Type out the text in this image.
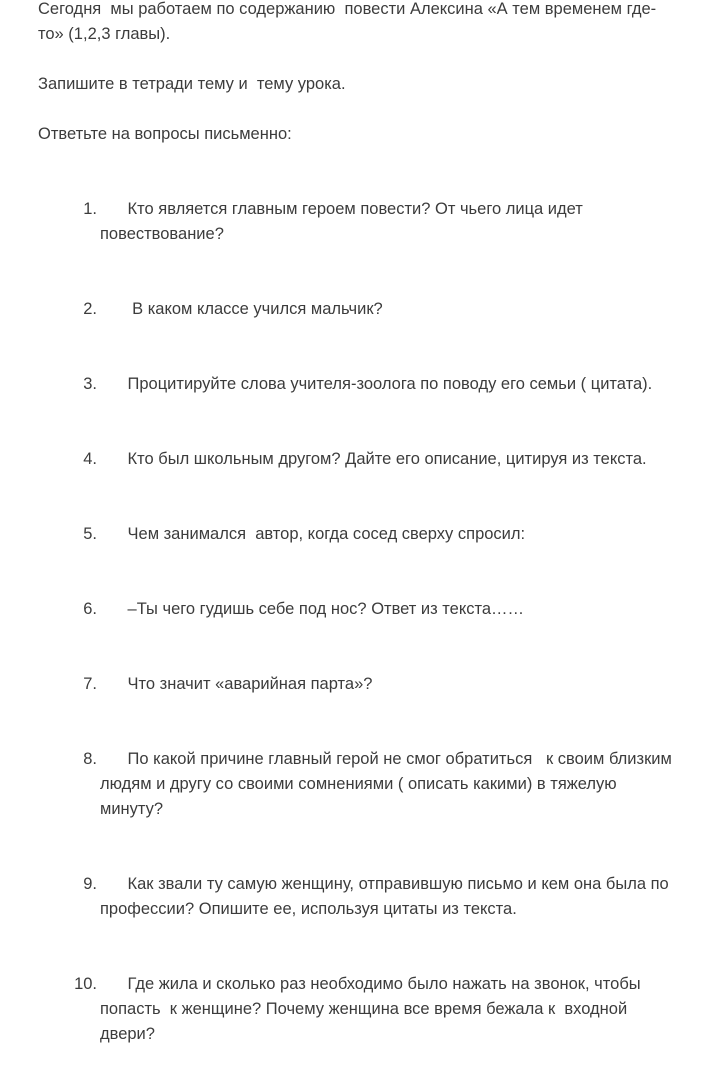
Сегодня  мы работаем по содержанию  повести Алексина «А тем временем где-то» (1,2,3 главы).

Запишите в тетради тему и  тему урока.

Ответьте на вопросы письменно:

1. Кто является главным героем повести? От чьего лица идет повествование?

2. В каком классе учился мальчик?

3. Процитируйте слова учителя-зоолога по поводу его семьи ( цитата).

4. Кто был школьным другом? Дайте его описание, цитируя из текста.

5. Чем занимался  автор, когда сосед сверху спросил:

6. –Ты чего гудишь себе под нос? Ответ из текста……

7. Что значит «аварийная парта»?

8. По какой причине главный герой не смог обратиться   к своим близким людям и другу со своими сомнениями ( описать какими) в тяжелую минуту?

9. Как звали ту самую женщину, отправившую письмо и кем она была по профессии? Опишите ее, используя цитаты из текста.

10. Где жила и сколько раз необходимо было нажать на звонок, чтобы попасть  к женщине? Почему женщина все время бежала к  входной двери?
